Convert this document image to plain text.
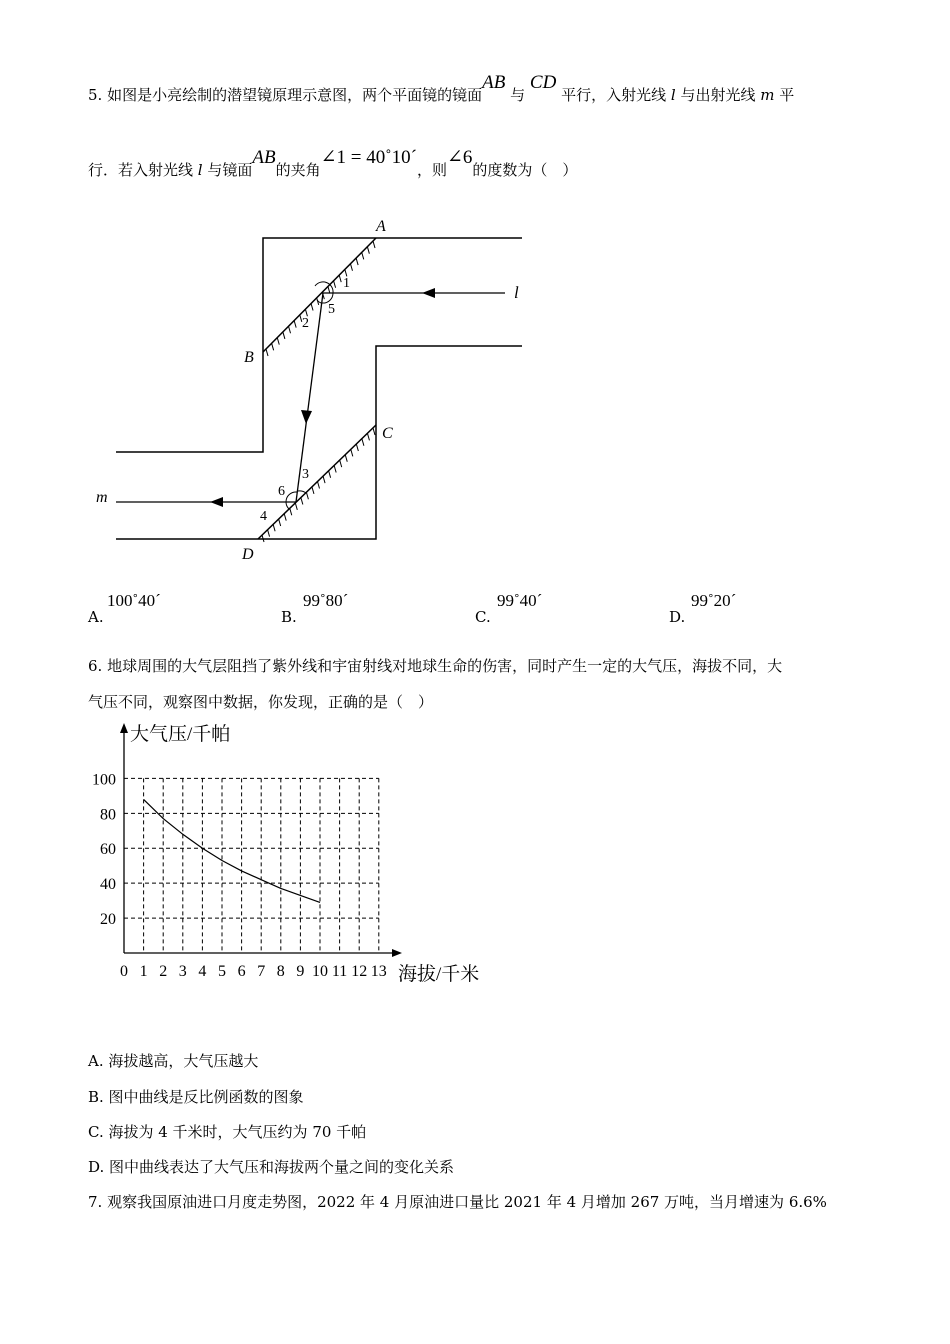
5. 如图是小亮绘制的潜望镜原理示意图，两个平面镜的镜面AB 与 CD 平行，入射光线 l 与出射光线 m 平
行．若入射光线 l 与镜面AB的夹角∠1 = 40˚10´，则∠6的度数为（　）
A
B
C
D
l
m
1
2
5
3
6
4
A.
100˚40´
B.
99˚80´
C.
99˚40´
D.
99˚20´
6. 地球周围的大气层阻挡了紫外线和宇宙射线对地球生命的伤害，同时产生一定的大气压，海拔不同，大
气压不同，观察图中数据，你发现，正确的是（　）
20
40
60
80
100
0 1 2 3 4 5 6 7 8 9 10 11 12 13
大气压/千帕
海拔/千米
A. 海拔越高，大气压越大
B. 图中曲线是反比例函数的图象
C. 海拔为 4 千米时，大气压约为 70 千帕
D. 图中曲线表达了大气压和海拔两个量之间的变化关系
7. 观察我国原油进口月度走势图，2022 年 4 月原油进口量比 2021 年 4 月增加 267 万吨，当月增速为 6.6%
